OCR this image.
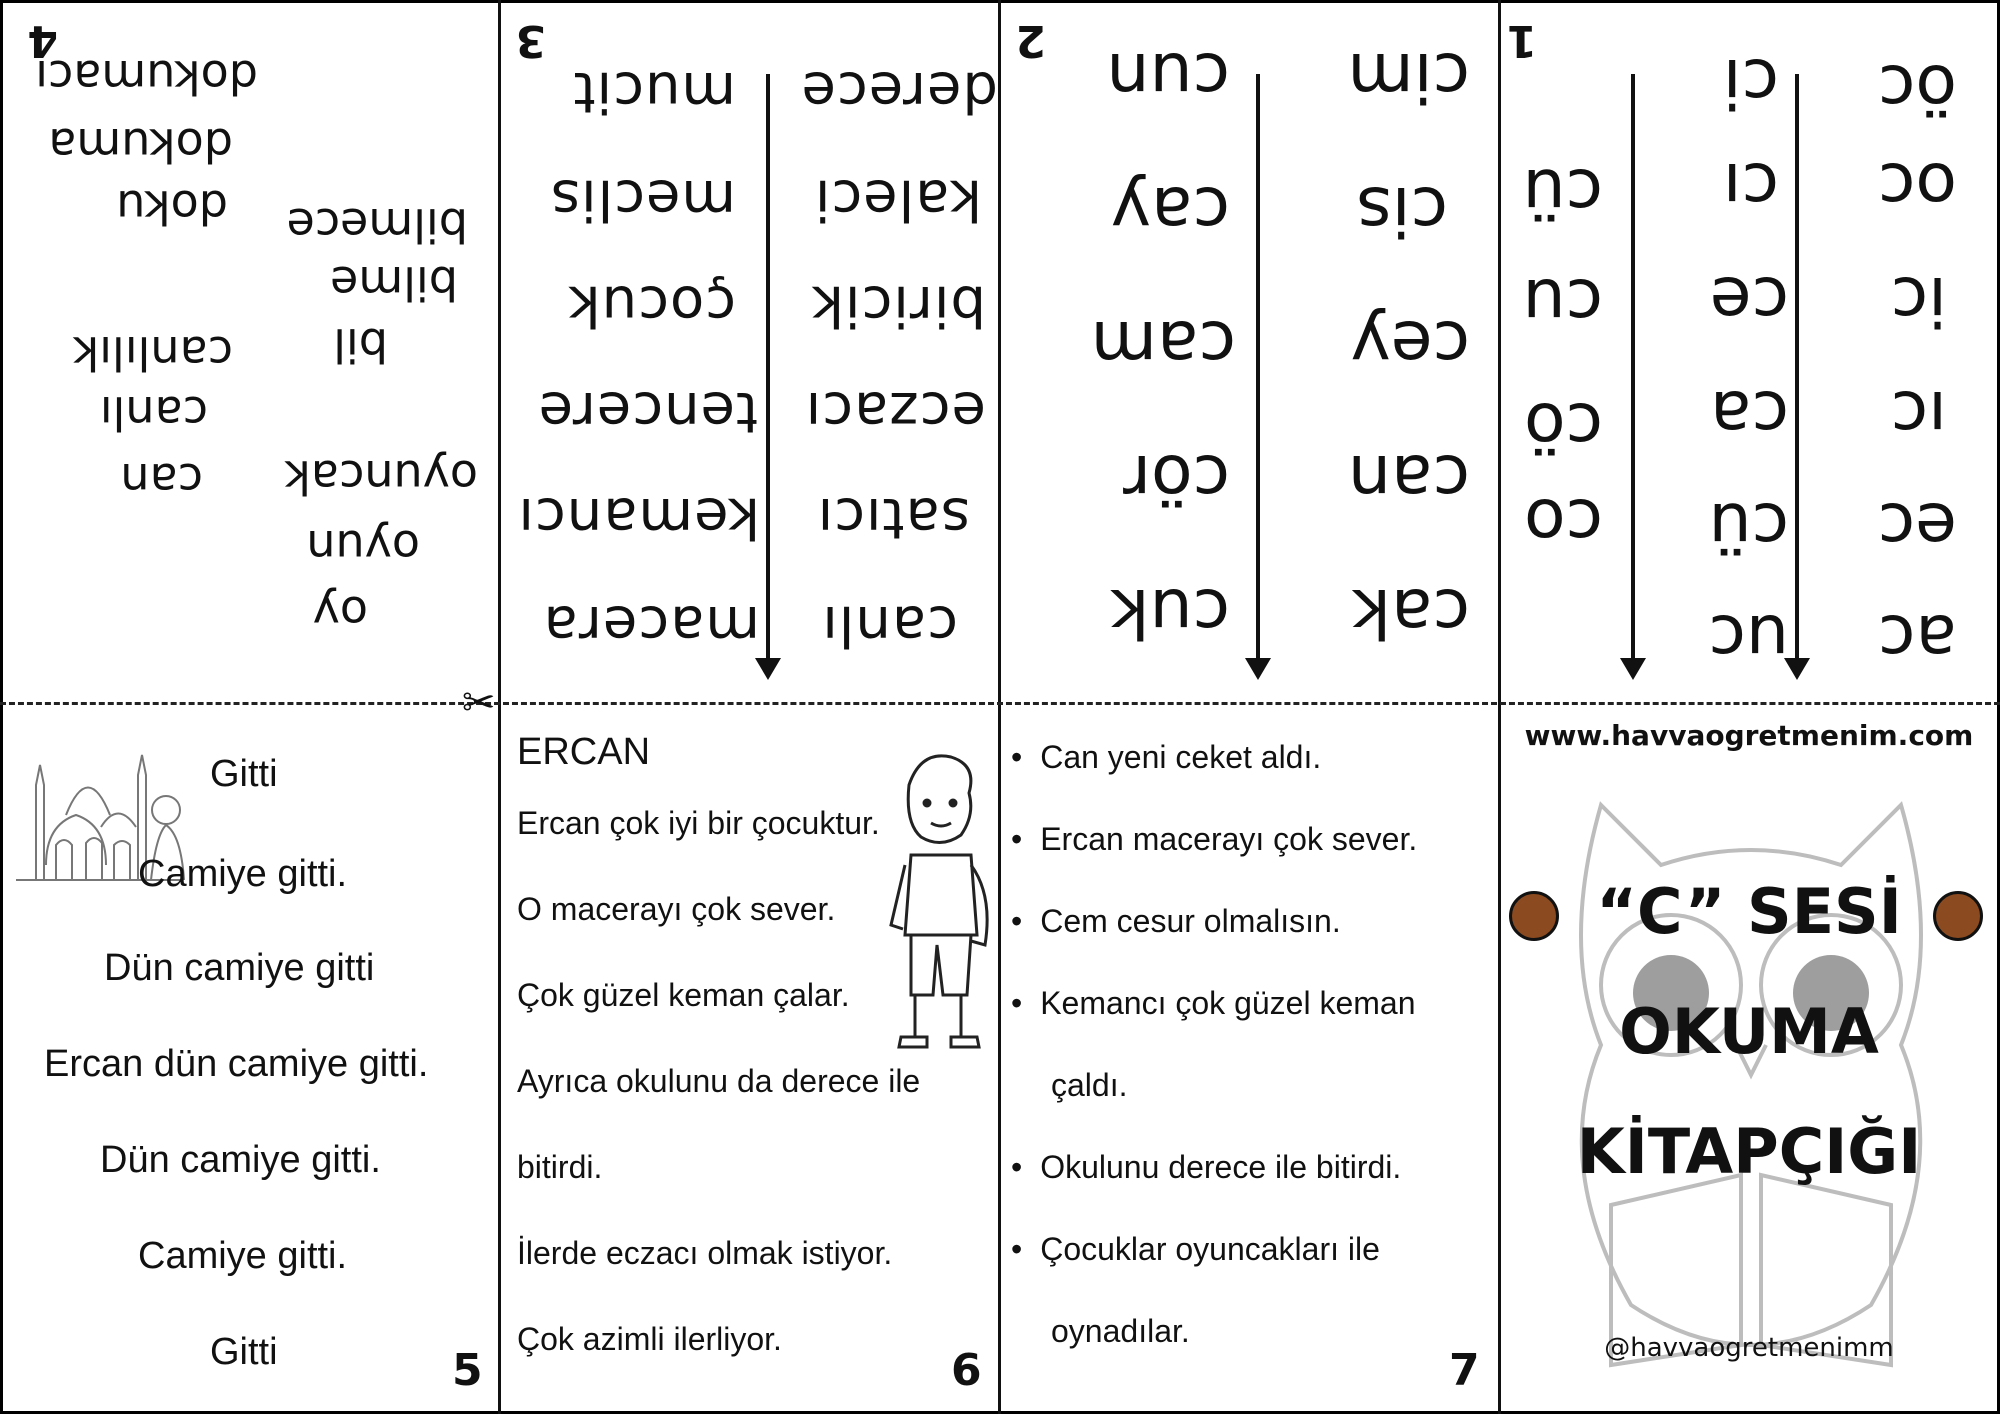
✂
4
dokumacı
dokuma
doku
canlılık
canlı
can
bilmece
bilme
bil
oyuncak
oyun
oy
3
mucit
meclis
çocuk
tencere
kemancı
macera
derece
kaleci
biricik
eczacı
satıcı
canlı
2 cun
cay
cam
cör
cuk
cim
cis
cey
can
cak
1
cü
cu
cö
co
ci
cı
ce
ca
cü
uc
öc
oc
ic
ıc
ec
ac
Gitti
Camiye gitti.
Dün camiye gitti
Ercan dün camiye gitti.
Dün camiye gitti.
Camiye gitti.
Gitti	5
ERCAN
Ercan çok iyi bir çocuktur.
O macerayı çok sever.
Çok güzel keman çalar.
Ayrıca okulunu da derece ile
bitirdi.
İlerde eczacı olmak istiyor.
Çok azimli ilerliyor.
6
• Can yeni ceket aldı.
• Ercan macerayı çok sever.
• Cem cesur olmalısın.
• Kemancı çok güzel keman
çaldı.
• Okulunu derece ile bitirdi.
• Çocuklar oyuncakları ile
oynadılar.
7
www.havvaogretmenim.com
“C” SESİ
OKUMA
KİTAPÇIĞI
@havvaogretmenimm
